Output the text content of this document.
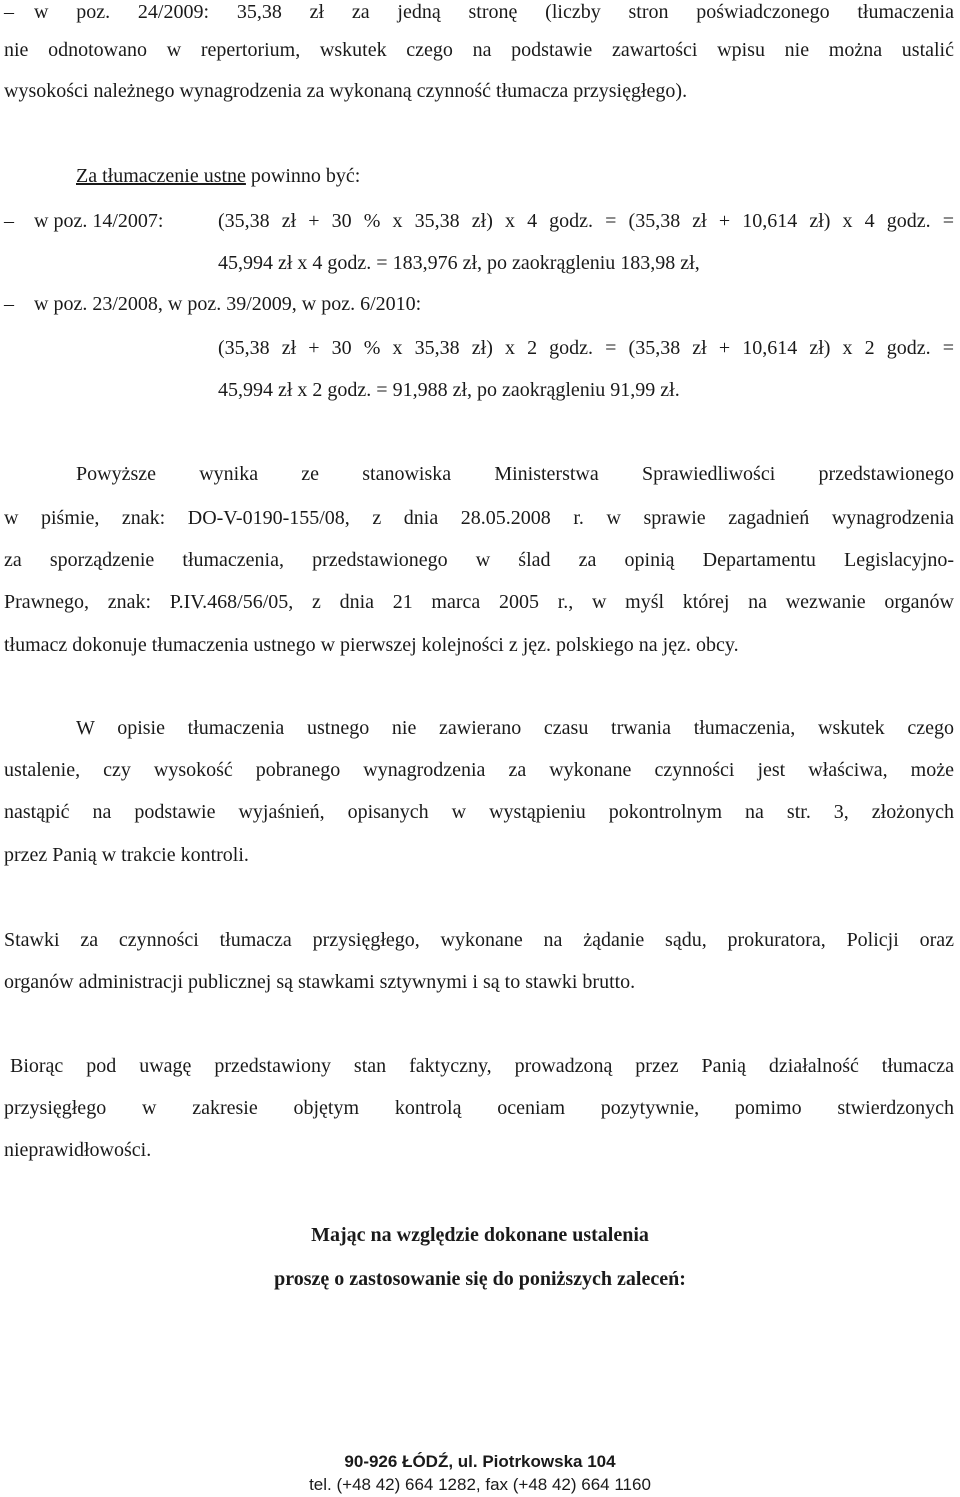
– w poz. 24/2009: 35,38 zł za jedną stronę (liczby stron poświadczonego tłumaczenia
nie odnotowano w repertorium, wskutek czego na podstawie zawartości wpisu nie można ustalić
wysokości należnego wynagrodzenia za wykonaną czynność tłumacza przysięgłego).
Za tłumaczenie ustne powinno być:
– w poz. 14/2007:	(35,38 zł + 30 % x 35,38 zł) x 4 godz. = (35,38 zł + 10,614 zł) x 4 godz. =
45,994 zł x 4 godz. = 183,976 zł, po zaokrągleniu 183,98 zł,
– w poz. 23/2008, w poz. 39/2009, w poz. 6/2010:
(35,38 zł + 30 % x 35,38 zł) x 2 godz. = (35,38 zł + 10,614 zł) x 2 godz. =
45,994 zł x 2 godz. = 91,988 zł, po zaokrągleniu 91,99 zł.
Powyższe wynika ze stanowiska Ministerstwa Sprawiedliwości przedstawionego
w piśmie, znak: DO-V-0190-155/08, z dnia 28.05.2008 r. w sprawie zagadnień wynagrodzenia
za sporządzenie tłumaczenia, przedstawionego w ślad za opinią Departamentu Legislacyjno-
Prawnego, znak: P.IV.468/56/05, z dnia 21 marca 2005 r., w myśl której na wezwanie organów
tłumacz dokonuje tłumaczenia ustnego w pierwszej kolejności z jęz. polskiego na jęz. obcy.
W opisie tłumaczenia ustnego nie zawierano czasu trwania tłumaczenia, wskutek czego
ustalenie, czy wysokość pobranego wynagrodzenia za wykonane czynności jest właściwa, może
nastąpić na podstawie wyjaśnień, opisanych w wystąpieniu pokontrolnym na str. 3, złożonych
przez Panią w trakcie kontroli.
Stawki za czynności tłumacza przysięgłego, wykonane na żądanie sądu, prokuratora, Policji oraz
organów administracji publicznej są stawkami sztywnymi i są to stawki brutto.
Biorąc pod uwagę przedstawiony stan faktyczny, prowadzoną przez Panią działalność tłumacza
przysięgłego w zakresie objętym kontrolą oceniam pozytywnie, pomimo stwierdzonych
nieprawidłowości.
Mając na względzie dokonane ustalenia
proszę o zastosowanie się do poniższych zaleceń:
90-926 ŁÓDŹ, ul. Piotrkowska 104
tel. (+48 42) 664 1282, fax (+48 42) 664 1160
